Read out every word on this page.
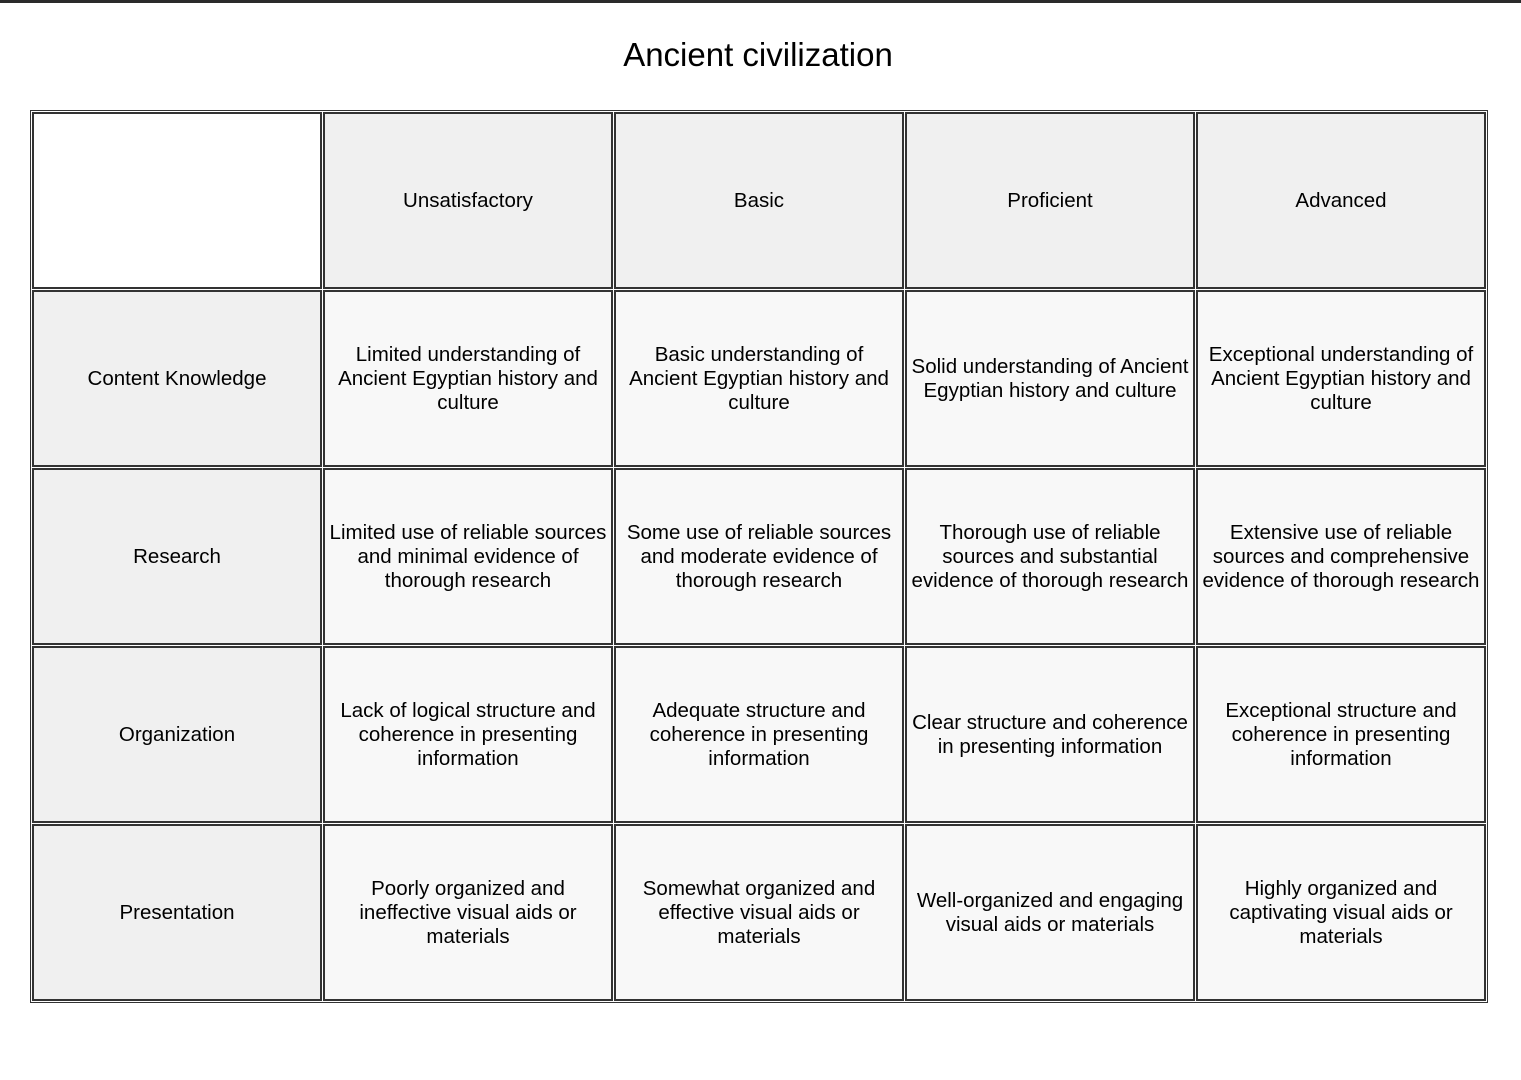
Ancient civilization
	Unsatisfactory	Basic	Proficient	Advanced
Content Knowledge	Limited understanding of Ancient Egyptian history and culture	Basic understanding of Ancient Egyptian history and culture	Solid understanding of Ancient Egyptian history and culture	Exceptional understanding of Ancient Egyptian history and culture
Research	Limited use of reliable sources and minimal evidence of thorough research	Some use of reliable sources and moderate evidence of thorough research	Thorough use of reliable sources and substantial evidence of thorough research	Extensive use of reliable sources and comprehensive evidence of thorough research
Organization	Lack of logical structure and coherence in presenting information	Adequate structure and coherence in presenting information	Clear structure and coherence in presenting information	Exceptional structure and coherence in presenting information
Presentation	Poorly organized and ineffective visual aids or materials	Somewhat organized and effective visual aids or materials	Well-organized and engaging visual aids or materials	Highly organized and captivating visual aids or materials
